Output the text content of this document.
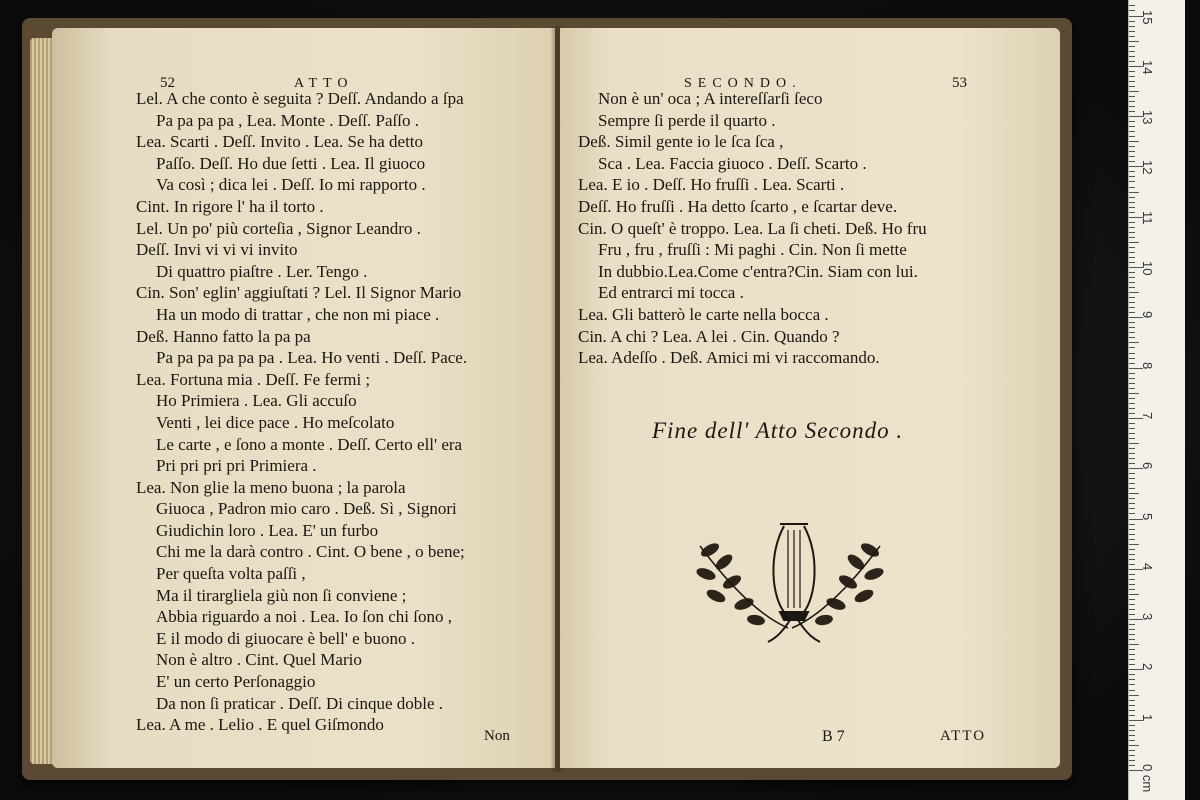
52	ATTO
Lel. A che conto è seguita ? Deſſ. Andando a ſpa
Pa pa pa pa , Lea. Monte . Deſſ. Paſſo .
Lea. Scarti . Deſſ. Invito . Lea. Se ha detto
Paſſo. Deſſ. Ho due ſetti . Lea. Il giuoco
Va così ; dica lei . Deſſ. Io mi rapporto .
Cint. In rigore l' ha il torto .
Lel. Un po' più corteſia , Signor Leandro .
Deſſ. Invi vi vi vi invito
Di quattro piaſtre . Ler. Tengo .
Cin. Son' eglin' aggiuſtati ? Lel. Il Signor Mario
Ha un modo di trattar , che non mi piace .
Deß. Hanno fatto la pa pa
Pa pa pa pa pa pa . Lea. Ho venti . Deſſ. Pace.
Lea. Fortuna mia . Deſſ. Fe fermi ;
Ho Primiera . Lea. Gli accuſo
Venti , lei dice pace . Ho meſcolato
Le carte , e ſono a monte . Deſſ. Certo ell' era
Pri pri pri pri Primiera .
Lea. Non glie la meno buona ; la parola
Giuoca , Padron mio caro . Deß. Sì , Signori
Giudichin loro . Lea. E' un furbo
Chi me la darà contro . Cint. O bene , o bene;
Per queſta volta paſſi ,
Ma il tirargliela giù non ſi conviene ;
Abbia riguardo a noi . Lea. Io ſon chi ſono ,
E il modo di giuocare è bell' e buono .
Non è altro . Cint. Quel Mario
E' un certo Perſonaggio
Da non ſi praticar . Deſſ. Di cinque doble .
Lea. A me . Lelio . E quel Giſmondo
Non
SECONDO.	53
Non è un' oca ; A intereſſarſi ſeco
Sempre ſi perde il quarto .
Deß. Simil gente io le ſca ſca ,
Sca . Lea. Faccia giuoco . Deſſ. Scarto .
Lea. E io . Deſſ. Ho fruſſi . Lea. Scarti .
Deſſ. Ho fruſſi . Ha detto ſcarto , e ſcartar deve.
Cin. O queſt' è troppo. Lea. La ſi cheti. Deß. Ho fru
Fru , fru , fruſſi : Mi paghi . Cin. Non ſi mette
In dubbio.Lea.Come c'entra?Cin. Siam con lui.
Ed entrarci mi tocca .
Lea. Gli batterò le carte nella bocca .
Cin. A chi ? Lea. A lei . Cin. Quando ?
Lea. Adeſſo . Deß. Amici mi vi raccomando.
Fine dell' Atto Secondo .
B 7	ATTO
0 cm
1
2
3
4
5
6
7
8
9
10
11
12
13
14
15
